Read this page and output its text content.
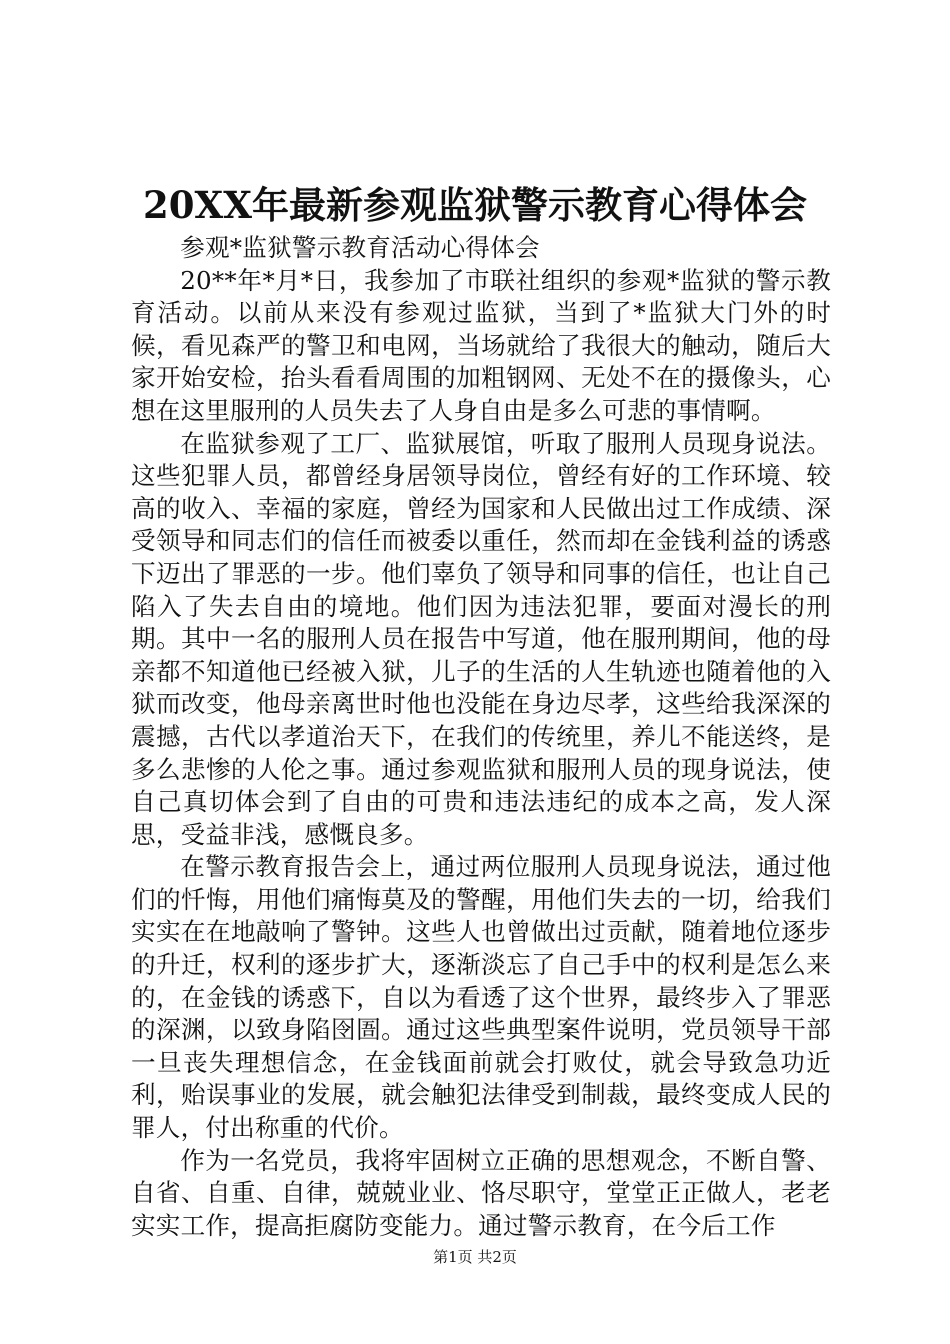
20XX年最新参观监狱警示教育心得体会

参观*监狱警示教育活动心得体会

20**年*月*日，我参加了市联社组织的参观*监狱的警示教育活动。以前从来没有参观过监狱，当到了*监狱大门外的时候，看见森严的警卫和电网，当场就给了我很大的触动，随后大家开始安检，抬头看看周围的加粗钢网、无处不在的摄像头，心想在这里服刑的人员失去了人身自由是多么可悲的事情啊。

在监狱参观了工厂、监狱展馆，听取了服刑人员现身说法。这些犯罪人员，都曾经身居领导岗位，曾经有好的工作环境、较高的收入、幸福的家庭，曾经为国家和人民做出过工作成绩、深受领导和同志们的信任而被委以重任，然而却在金钱利益的诱惑下迈出了罪恶的一步。他们辜负了领导和同事的信任，也让自己陷入了失去自由的境地。他们因为违法犯罪，要面对漫长的刑期。其中一名的服刑人员在报告中写道，他在服刑期间，他的母亲都不知道他已经被入狱，儿子的生活的人生轨迹也随着他的入狱而改变，他母亲离世时他也没能在身边尽孝，这些给我深深的震撼，古代以孝道治天下，在我们的传统里，养儿不能送终，是多么悲惨的人伦之事。通过参观监狱和服刑人员的现身说法，使自己真切体会到了自由的可贵和违法违纪的成本之高，发人深思，受益非浅，感慨良多。

在警示教育报告会上，通过两位服刑人员现身说法，通过他们的忏悔，用他们痛悔莫及的警醒，用他们失去的一切，给我们实实在在地敲响了警钟。这些人也曾做出过贡献，随着地位逐步的升迁，权利的逐步扩大，逐渐淡忘了自己手中的权利是怎么来的，在金钱的诱惑下，自以为看透了这个世界，最终步入了罪恶的深渊，以致身陷囹圄。通过这些典型案件说明，党员领导干部一旦丧失理想信念，在金钱面前就会打败仗，就会导致急功近利，贻误事业的发展，就会触犯法律受到制裁，最终变成人民的罪人，付出称重的代价。

作为一名党员，我将牢固树立正确的思想观念，不断自警、自省、自重、自律，兢兢业业、恪尽职守，堂堂正正做人，老老实实工作，提高拒腐防变能力。通过警示教育，在今后工作

第1页 共2页
